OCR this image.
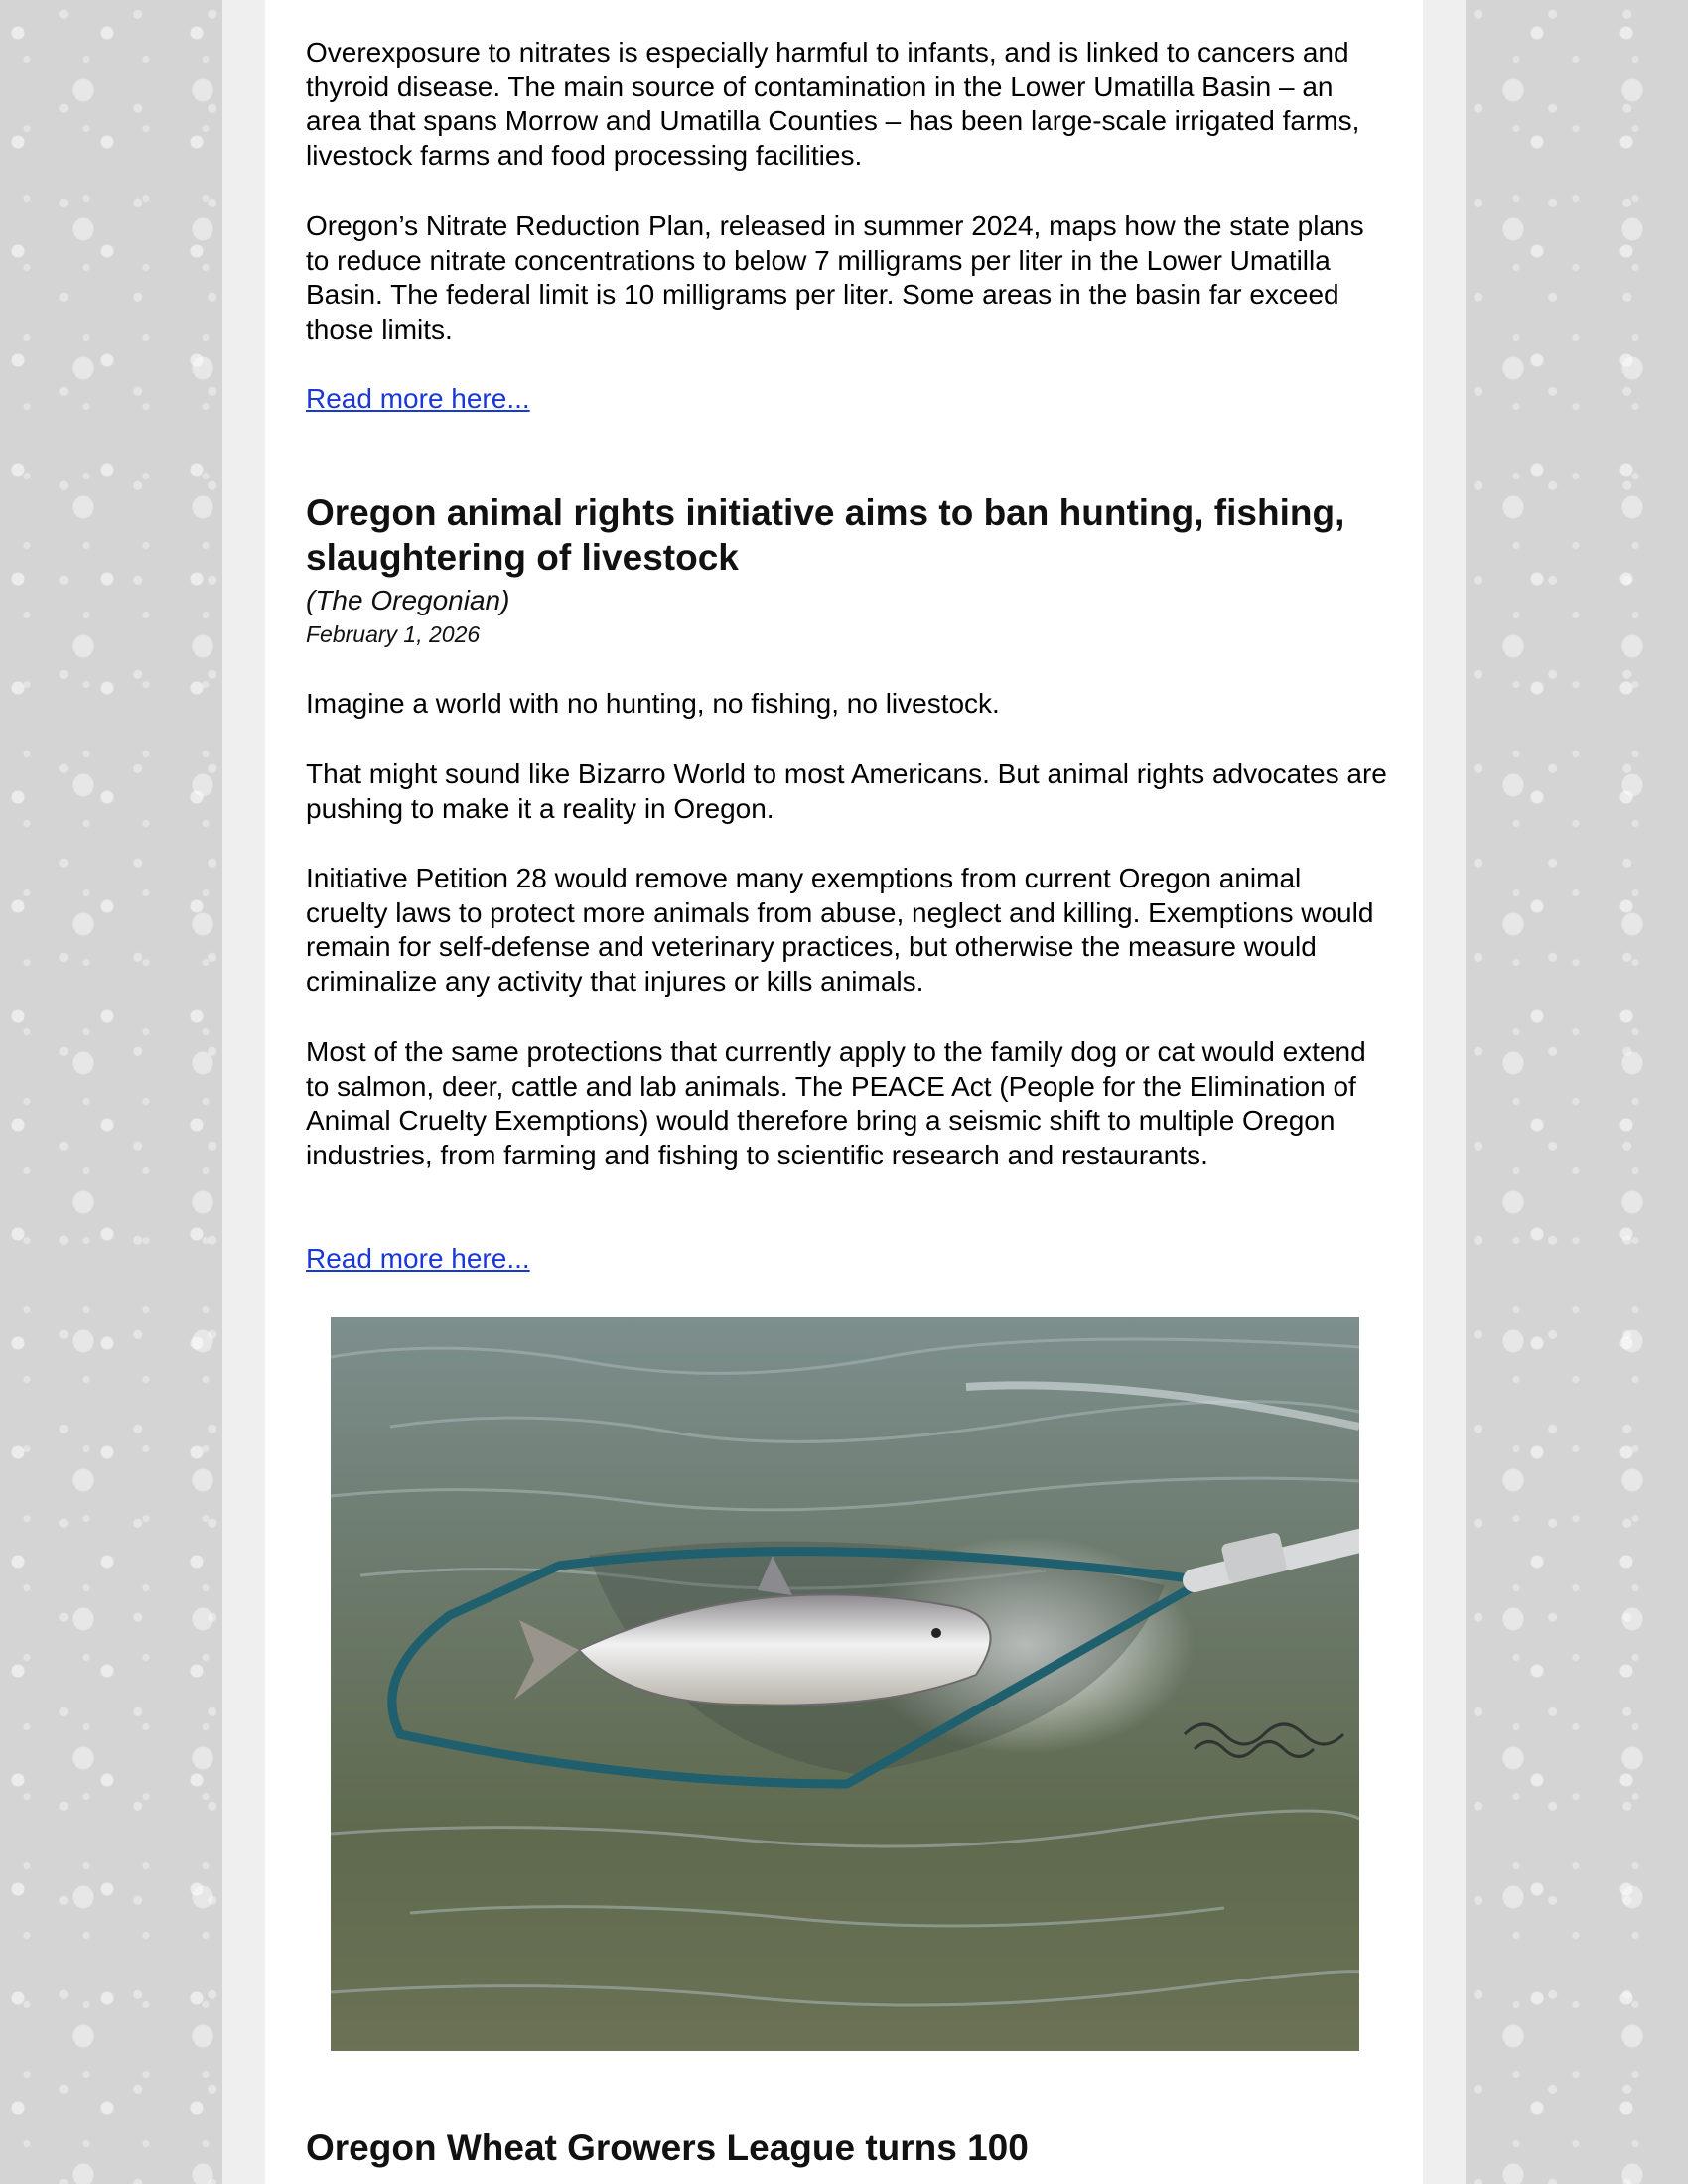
Overexposure to nitrates is especially harmful to infants, and is linked to cancers and thyroid disease. The main source of contamination in the Lower Umatilla Basin – an area that spans Morrow and Umatilla Counties – has been large-scale irrigated farms, livestock farms and food processing facilities.

Oregon’s Nitrate Reduction Plan, released in summer 2024, maps how the state plans to reduce nitrate concentrations to below 7 milligrams per liter in the Lower Umatilla Basin. The federal limit is 10 milligrams per liter. Some areas in the basin far exceed those limits.

Read more here...
Oregon animal rights initiative aims to ban hunting, fishing, slaughtering of livestock
(The Oregonian)
February 1, 2026

Imagine a world with no hunting, no fishing, no livestock.

That might sound like Bizarro World to most Americans. But animal rights advocates are pushing to make it a reality in Oregon.

Initiative Petition 28 would remove many exemptions from current Oregon animal cruelty laws to protect more animals from abuse, neglect and killing. Exemptions would remain for self-defense and veterinary practices, but otherwise the measure would criminalize any activity that injures or kills animals.

Most of the same protections that currently apply to the family dog or cat would extend to salmon, deer, cattle and lab animals. The PEACE Act (People for the Elimination of Animal Cruelty Exemptions) would therefore bring a seismic shift to multiple Oregon industries, from farming and fishing to scientific research and restaurants.

Read more here...
Oregon Wheat Growers League turns 100
